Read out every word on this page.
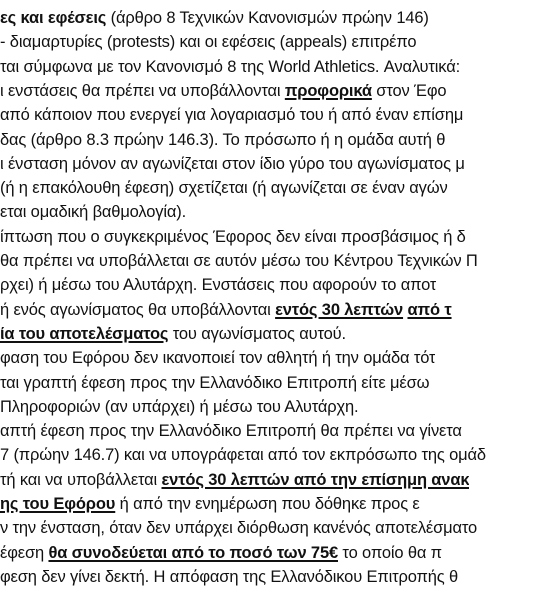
ες και εφέσεις (άρθρο 8 Τεχνικών Κανονισμών πρώην 146)
- διαμαρτυρίες (protests) και οι εφέσεις (appeals) επιτρέπο
ται σύμφωνα με τον Κανονισμό 8 της World Athletics. Αναλυτικά:
ι ενστάσεις θα πρέπει να υποβάλλονται προφορικά στον Έφο
από κάποιον που ενεργεί για λογαριασμό του ή από έναν επίσημ
δας (άρθρο 8.3 πρώην 146.3). Το πρόσωπο ή η ομάδα αυτή θ
ι ένσταση μόνον αν αγωνίζεται στον ίδιο γύρο του αγωνίσματος μ
(ή η επακόλουθη έφεση) σχετίζεται (ή αγωνίζεται σε έναν αγών
εται ομαδική βαθμολογία).
ίπτωση που ο συγκεκριμένος Έφορος δεν είναι προσβάσιμος ή δ
θα πρέπει να υποβάλλεται σε αυτόν μέσω του Κέντρου Τεχνικών Π
ρχει) ή μέσω του Αλυτάρχη. Ενστάσεις που αφορούν το αποτ
ή ενός αγωνίσματος θα υποβάλλονται εντός 30 λεπτών από τ
ία του αποτελέσματος του αγωνίσματος αυτού.
φαση του Εφόρου δεν ικανοποιεί τον αθλητή ή την ομάδα τότ
ται γραπτή έφεση προς την Ελλανόδικο Επιτροπή είτε μέσω
Πληροφοριών (αν υπάρχει) ή μέσω του Αλυτάρχη.
απτή έφεση προς την Ελλανόδικο Επιτροπή θα πρέπει να γίνετα
7 (πρώην 146.7) και να υπογράφεται από τον εκπρόσωπο της ομάδ
τή και να υποβάλλεται εντός 30 λεπτών από την επίσημη ανακ
ης του Εφόρου ή από την ενημέρωση που δόθηκε προς ε
ν την ένσταση, όταν δεν υπάρχει διόρθωση κανένός αποτελέσματο
έφεση θα συνοδεύεται από το ποσό των 75€ το οποίο θα π
φεση δεν γίνει δεκτή. Η απόφαση της Ελλανόδικου Επιτροπής θ
